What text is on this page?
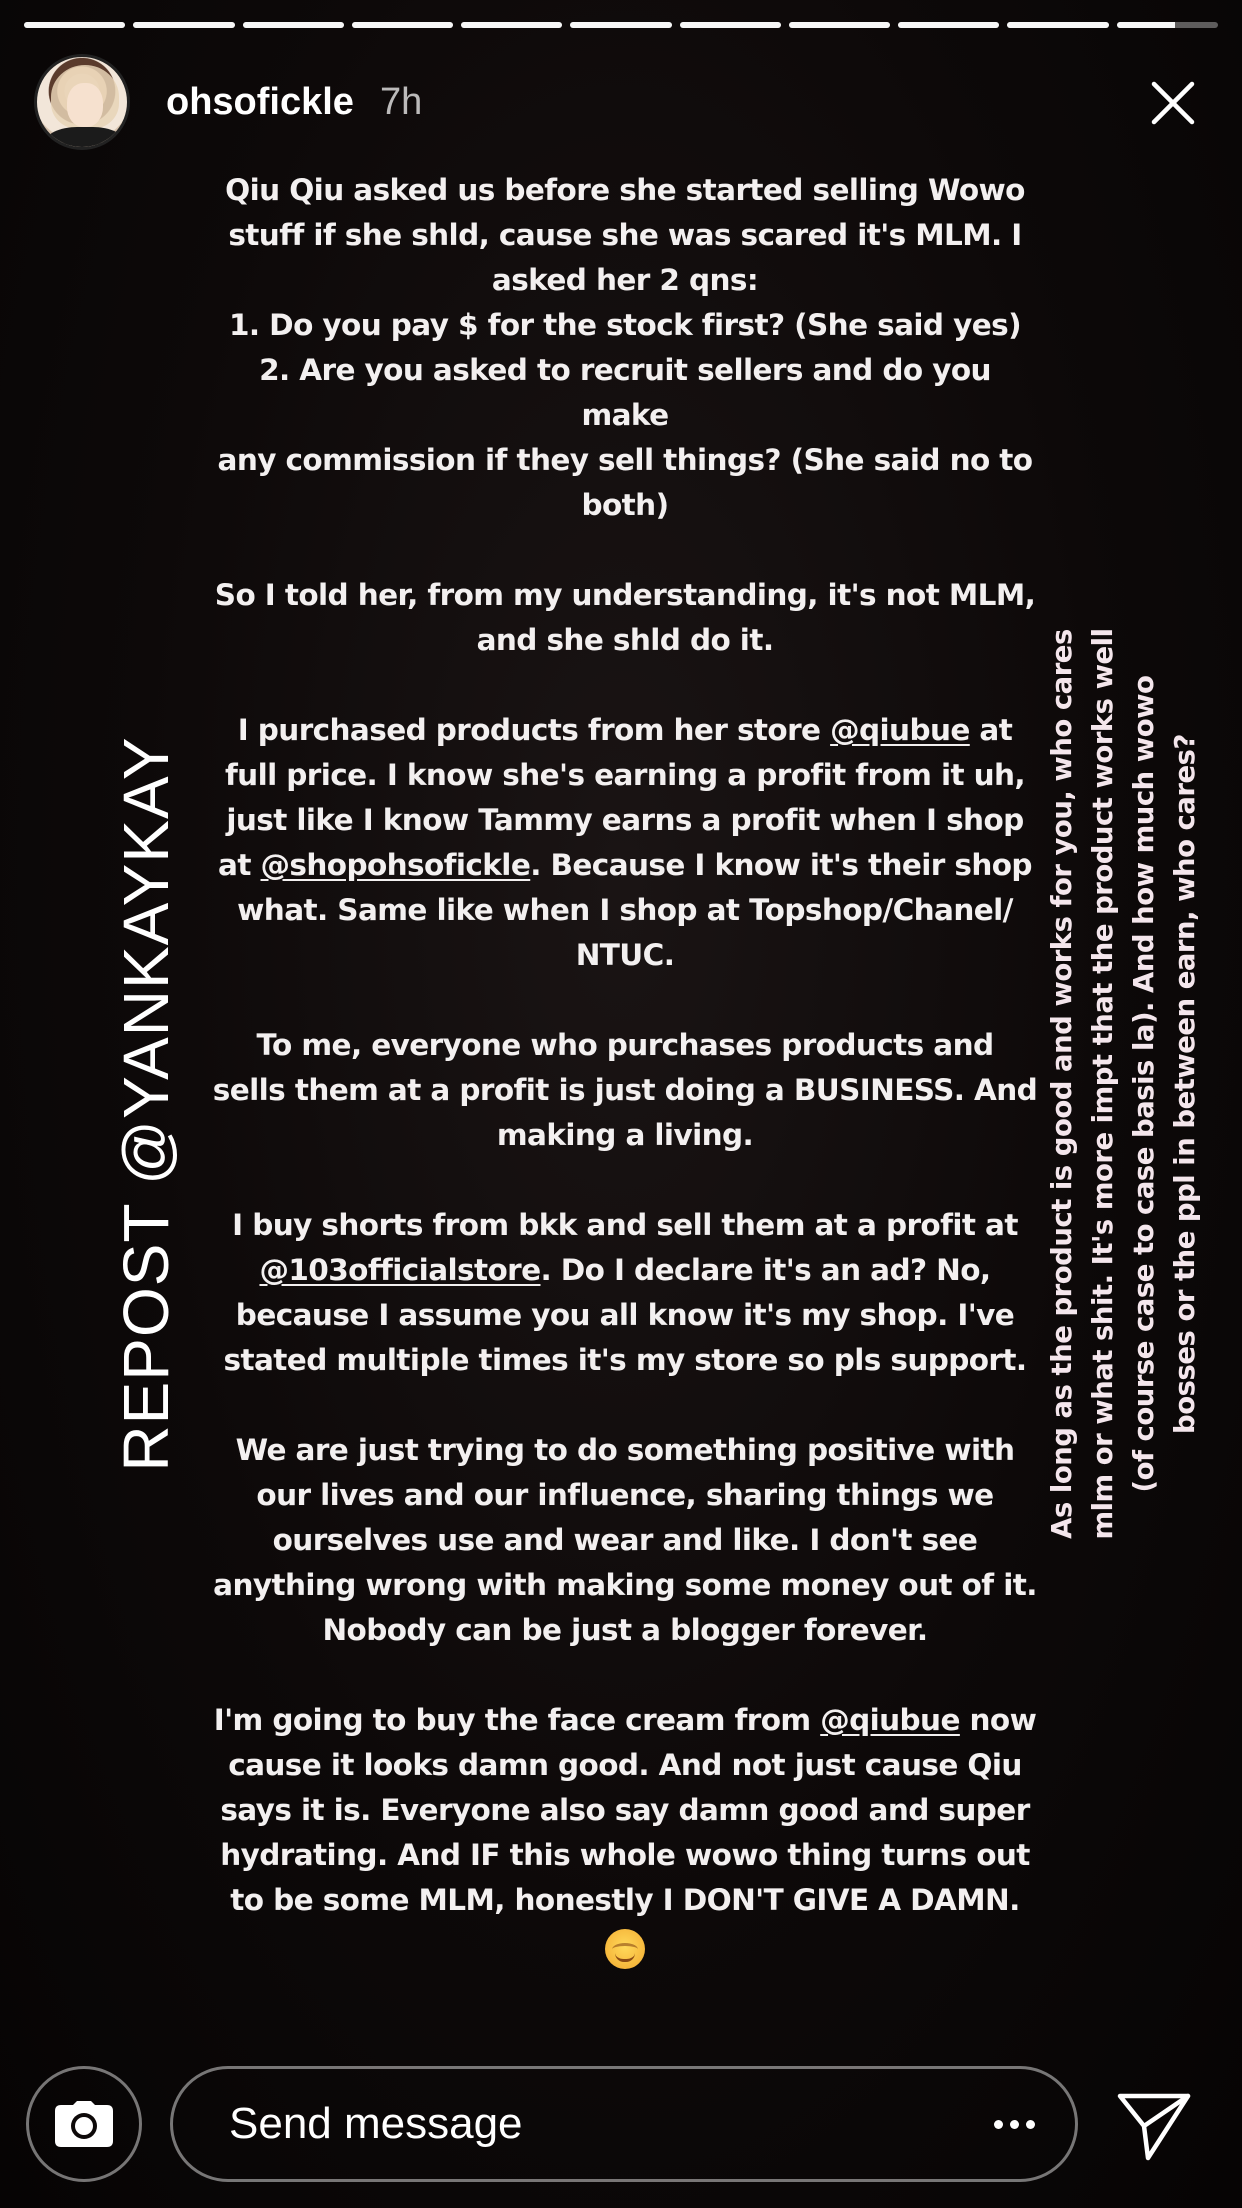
ohsofickle 7h

Qiu Qiu asked us before she started selling Wowo
stuff if she shld, cause she was scared it's MLM. I
asked her 2 qns:
1. Do you pay $ for the stock first? (She said yes)
2. Are you asked to recruit sellers and do you make
any commission if they sell things? (She said no to
both)

So I told her, from my understanding, it's not MLM,
and she shld do it.

I purchased products from her store @qiubue at
full price. I know she's earning a profit from it uh,
just like I know Tammy earns a profit when I shop
at @shopohsofickle. Because I know it's their shop
what. Same like when I shop at Topshop/Chanel/
NTUC.

To me, everyone who purchases products and
sells them at a profit is just doing a BUSINESS. And
making a living.

I buy shorts from bkk and sell them at a profit at
@103officialstore. Do I declare it's an ad? No,
because I assume you all know it's my shop. I've
stated multiple times it's my store so pls support.

We are just trying to do something positive with
our lives and our influence, sharing things we
ourselves use and wear and like. I don't see
anything wrong with making some money out of it.
Nobody can be just a blogger forever.

I'm going to buy the face cream from @qiubue now
cause it looks damn good. And not just cause Qiu
says it is. Everyone also say damn good and super
hydrating. And IF this whole wowo thing turns out
to be some MLM, honestly I DON'T GIVE A DAMN.

REPOST @YANKAYKAY	As long as the product is good and works for you, who cares mlm or what shit. It's more impt that the product works well (of course case to case basis la). And how much wowo bosses or the ppl in between earn, who cares?
Send message
